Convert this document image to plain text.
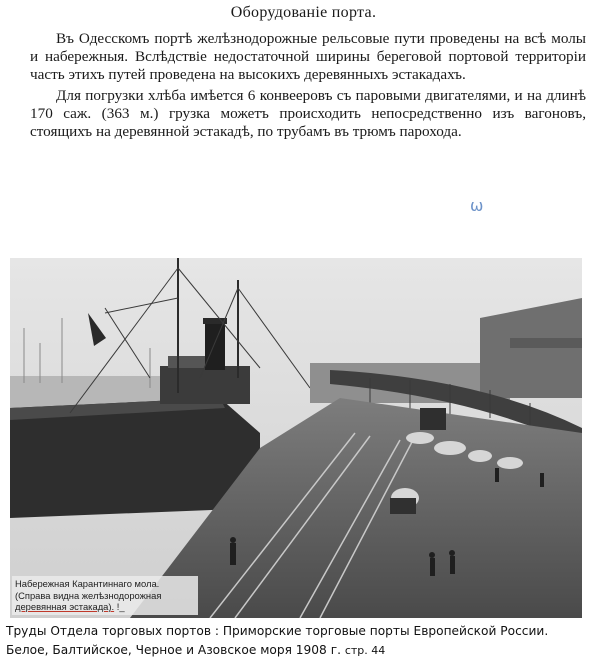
Оборудованіе порта.

Въ Одесскомъ портѣ желѣзнодорожные рельсовые пути проведены на всѣ молы и набережныя. Вслѣдствіе недостаточной ширины береговой портовой территоріи часть этихъ путей проведена на высокихъ деревянныхъ эстакадахъ.

Для погрузки хлѣба имѣется 6 конвееровъ съ паровыми двигателями, и на длинѣ 170 саж. (363 м.) грузка можетъ происходить непосредственно изъ вагоновъ, стоящихъ на деревянной эстакадѣ, по трубамъ въ трюмъ парохода.

ω
Набережная Карантиннаго мола.
(Справа видна желѣзнодорожная
деревянная эстакада). !_
Труды Отдела торговых портов : Приморские торговые порты Европейской России.
Белое, Балтийское, Черное и Азовское моря 1908 г. стр. 44
